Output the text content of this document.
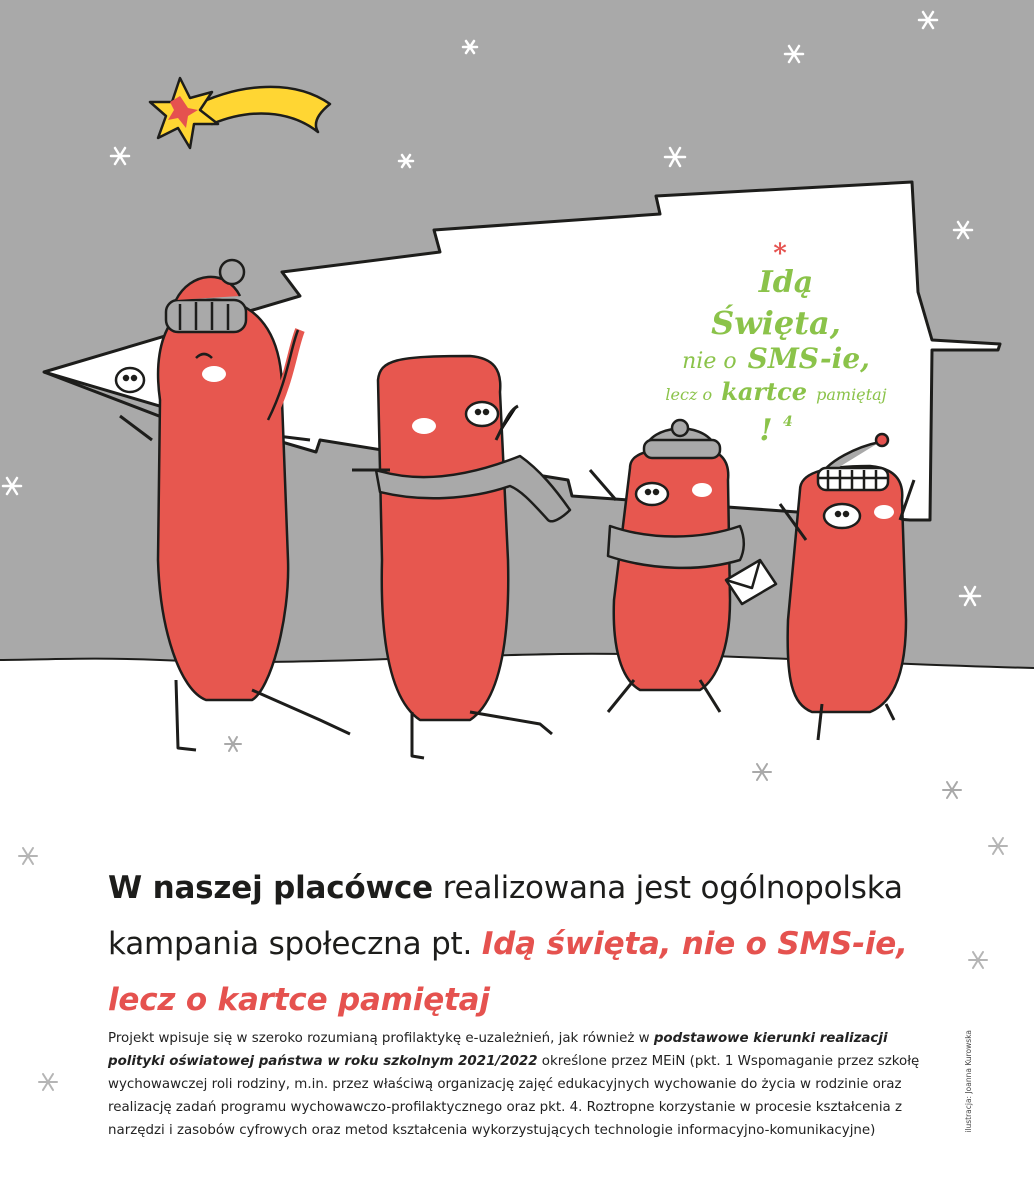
*
Idą
Święta,
nie o SMS-ie,
lecz o kartce pamiętaj
! $^4$
W naszej placówce realizowana jest ogólnopolska kampania społeczna pt. Idą święta, nie o SMS-ie, lecz o kartce pamiętaj

Projekt wpisuje się w szeroko rozumianą profilaktykę e-uzależnień, jak również w podstawowe kierunki realizacji polityki oświatowej państwa w roku szkolnym 2021/2022 określone przez MEiN (pkt. 1 Wspomaganie przez szkołę wychowawczej roli rodziny, m.in. przez właściwą organizację zajęć edukacyjnych wychowanie do życia w rodzinie oraz realizację zadań programu wychowawczo-profilaktycznego oraz pkt. 4. Roztropne korzystanie w procesie kształcenia z narzędzi i zasobów cyfrowych oraz metod kształcenia wykorzystujących technologie informacyjno-komunikacyjne)	ilustracja: Joanna Kurowska
